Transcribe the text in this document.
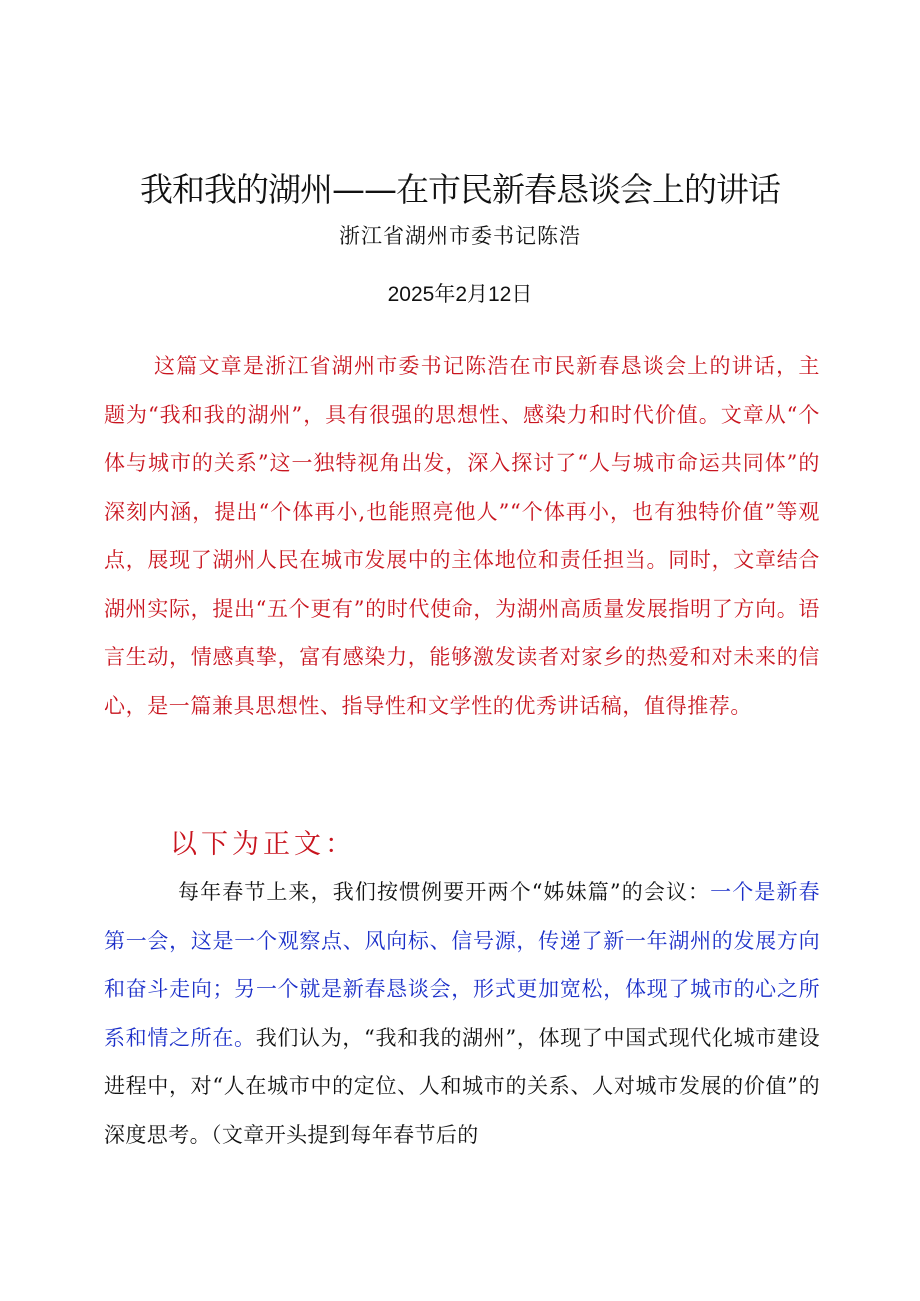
我和我的湖州——在市民新春恳谈会上的讲话
浙江省湖州市委书记陈浩
2025年2月12日

这篇文章是浙江省湖州市委书记陈浩在市民新春恳谈会上的讲话，主题为“我和我的湖州”，具有很强的思想性、感染力和时代价值。文章从“个体与城市的关系”这一独特视角出发，深入探讨了“人与城市命运共同体”的深刻内涵，提出“个体再小,也能照亮他人”“个体再小，也有独特价值”等观点，展现了湖州人民在城市发展中的主体地位和责任担当。同时，文章结合湖州实际，提出“五个更有”的时代使命，为湖州高质量发展指明了方向。语言生动，情感真挚，富有感染力，能够激发读者对家乡的热爱和对未来的信心，是一篇兼具思想性、指导性和文学性的优秀讲话稿，值得推荐。

以下为正文：

每年春节上来，我们按惯例要开两个“姊妹篇”的会议：一个是新春第一会，这是一个观察点、风向标、信号源，传递了新一年湖州的发展方向和奋斗走向；另一个就是新春恳谈会，形式更加宽松，体现了城市的心之所系和情之所在。我们认为，“我和我的湖州”，体现了中国式现代化城市建设进程中，对“人在城市中的定位、人和城市的关系、人对城市发展的价值”的深度思考。（文章开头提到每年春节后的
